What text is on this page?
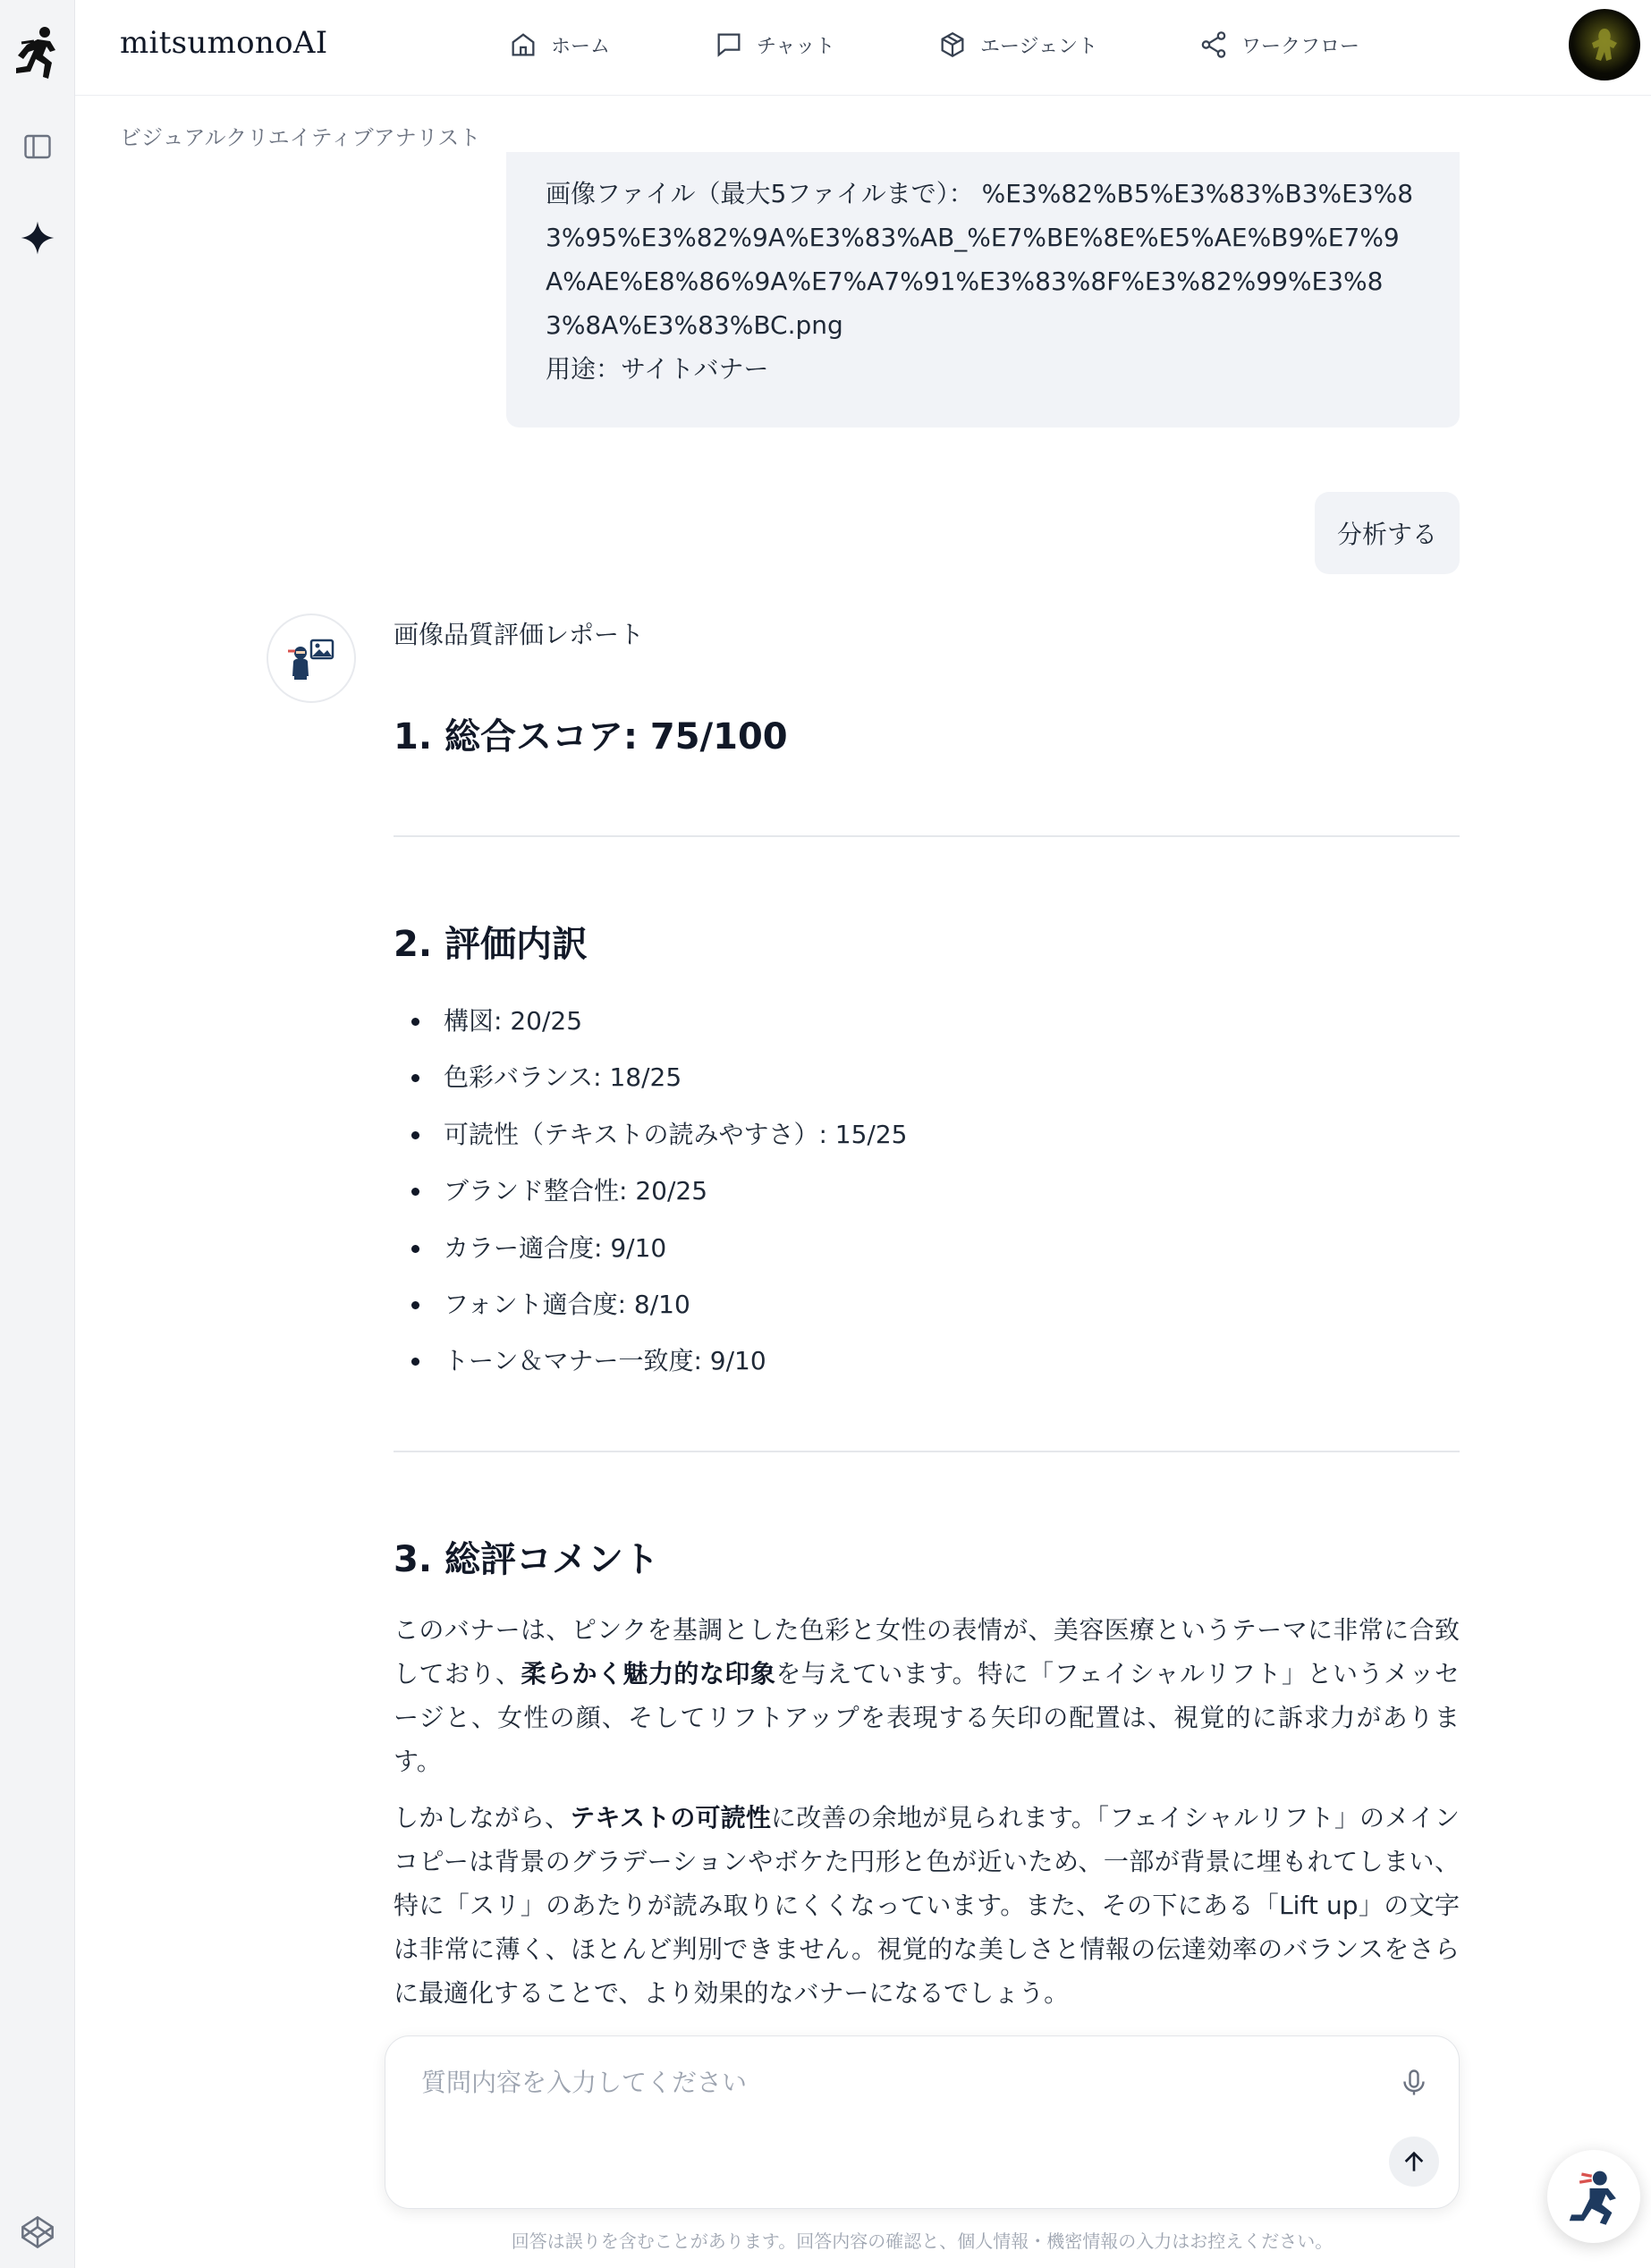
mitsumonoAI	ホーム	チャット	エージェント	ワークフロー
ビジュアルクリエイティブアナリスト
画像ファイル（最大5ファイルまで）： %E3%82%B5%E3%83%B3%E3%83%95%E3%82%9A%E3%83%AB_%E7%BE%8E%E5%AE%B9%E7%9A%AE%E8%86%9A%E7%A7%91%E3%83%8F%E3%82%99%E3%83%8A%E3%83%BC.png
用途：サイトバナー
分析する
画像品質評価レポート
1. 総合スコア: 75/100
2. 評価内訳
構図: 20/25
色彩バランス: 18/25
可読性（テキストの読みやすさ）: 15/25
ブランド整合性: 20/25
カラー適合度: 9/10
フォント適合度: 8/10
トーン＆マナー一致度: 9/10
3. 総評コメント

このバナーは、ピンクを基調とした色彩と女性の表情が、美容医療というテーマに非常に合致しており、柔らかく魅力的な印象を与えています。特に「フェイシャルリフト」というメッセージと、女性の顔、そしてリフトアップを表現する矢印の配置は、視覚的に訴求力があります。

しかしながら、テキストの可読性に改善の余地が見られます。「フェイシャルリフト」のメインコピーは背景のグラデーションやボケた円形と色が近いため、一部が背景に埋もれてしまい、特に「スリ」のあたりが読み取りにくくなっています。また、その下にある「Lift up」の文字は非常に薄く、ほとんど判別できません。視覚的な美しさと情報の伝達効率のバランスをさらに最適化することで、より効果的なバナーになるでしょう。

質問内容を入力してください
回答は誤りを含むことがあります。回答内容の確認と、個人情報・機密情報の入力はお控えください。
